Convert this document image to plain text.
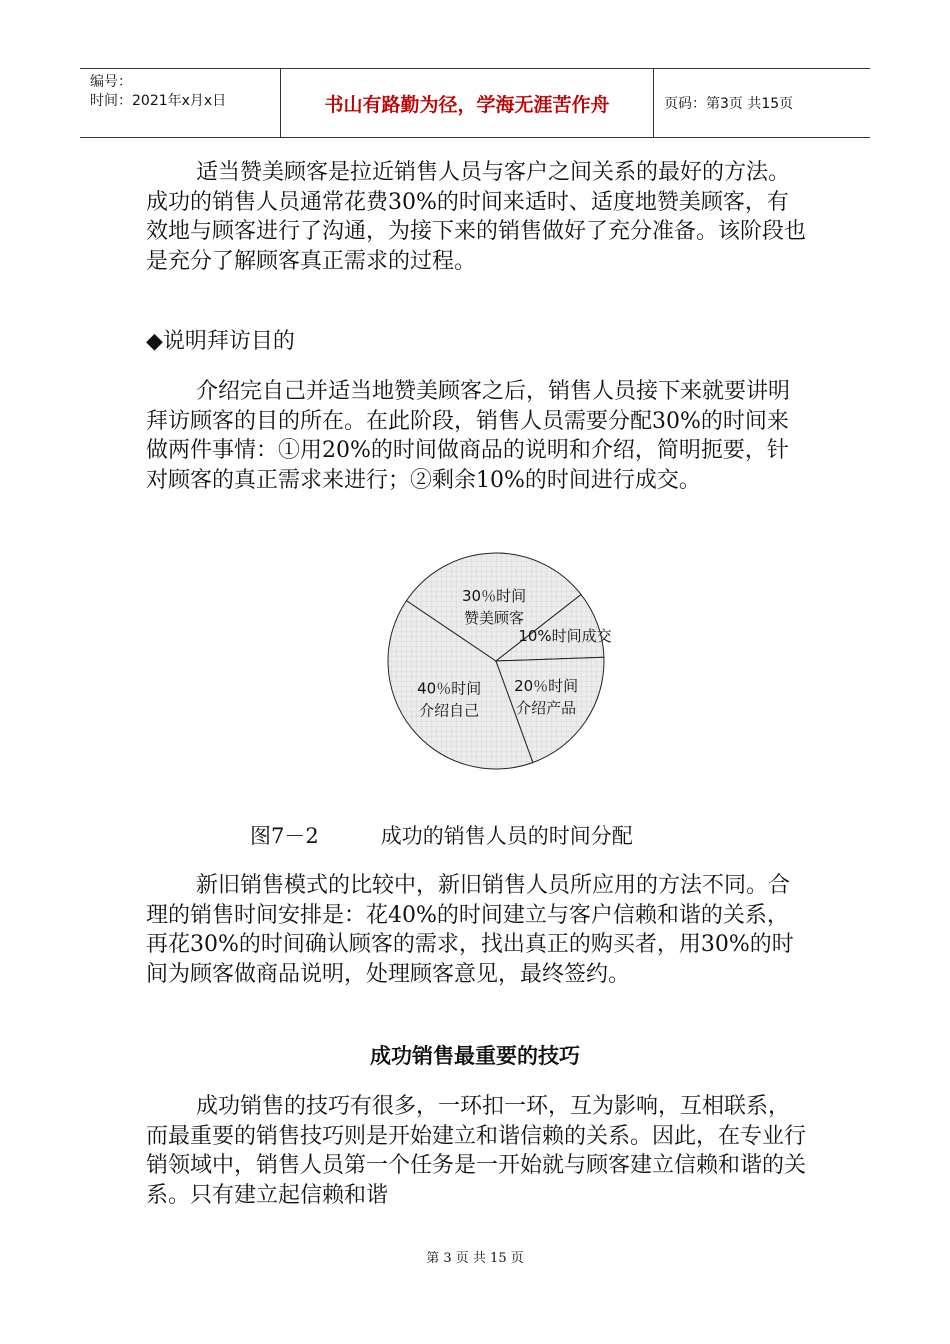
编号：
时间：2021年x月x日	书山有路勤为径，学海无涯苦作舟	页码：第3页 共15页

适当赞美顾客是拉近销售人员与客户之间关系的最好的方法。成功的销售人员通常花费30%的时间来适时、适度地赞美顾客，有效地与顾客进行了沟通，为接下来的销售做好了充分准备。该阶段也是充分了解顾客真正需求的过程。

◆说明拜访目的

介绍完自己并适当地赞美顾客之后，销售人员接下来就要讲明拜访顾客的目的所在。在此阶段，销售人员需要分配30%的时间来做两件事情：①用20%的时间做商品的说明和介绍，简明扼要，针对顾客的真正需求来进行；②剩余10%的时间进行成交。

40％时间介绍自己
30％时间赞美顾客
10%时间成交
20％时间介绍产品
图7－2	成功的销售人员的时间分配

新旧销售模式的比较中，新旧销售人员所应用的方法不同。合理的销售时间安排是：花40%的时间建立与客户信赖和谐的关系，再花30%的时间确认顾客的需求，找出真正的购买者，用30%的时间为顾客做商品说明，处理顾客意见，最终签约。

成功销售最重要的技巧

成功销售的技巧有很多，一环扣一环，互为影响，互相联系，而最重要的销售技巧则是开始建立和谐信赖的关系。因此，在专业行销领域中，销售人员第一个任务是一开始就与顾客建立信赖和谐的关系。只有建立起信赖和谐

第 3 页 共 15 页
